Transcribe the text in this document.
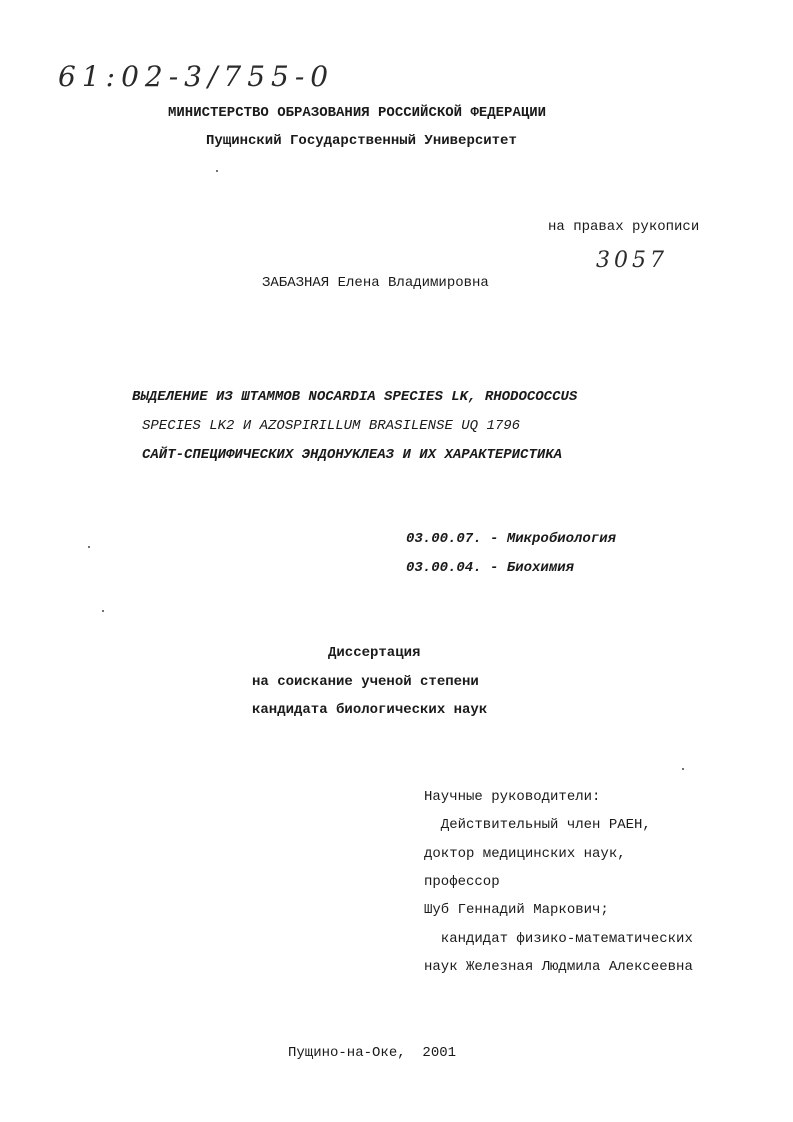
61:02-3/755-0
МИНИСТЕРСТВО ОБРАЗОВАНИЯ РОССИЙСКОЙ ФЕДЕРАЦИИ
Пущинский Государственный Университет
на правах рукописи
3057
ЗАБАЗНАЯ Елена Владимировна
ВЫДЕЛЕНИЕ ИЗ ШТАММОВ NOCARDIA SPECIES LK, RHODOCOCCUS
SPECIES LK2 И AZOSPIRILLUM BRASILENSE UQ 1796
САЙТ-СПЕЦИФИЧЕСКИХ ЭНДОНУКЛЕАЗ И ИХ ХАРАКТЕРИСТИКА
03.00.07. - Микробиология
03.00.04. - Биохимия
Диссертация
на соискание ученой степени
кандидата биологических наук
Научные руководители:
Действительный член РАЕН,
доктор медицинских наук,
профессор
Шуб Геннадий Маркович;
кандидат физико-математических
наук Железная Людмила Алексеевна
Пущино-на-Оке,  2001
